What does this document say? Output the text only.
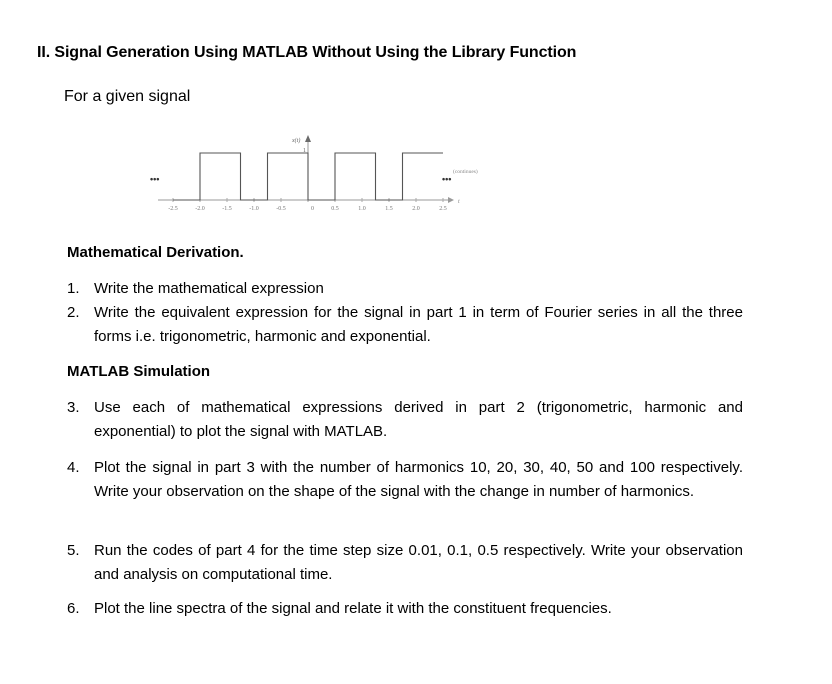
II. Signal Generation Using MATLAB Without Using the Library Function
For a given signal
x(t)
1
t
•••	•••
(continues)
-2.5	-2.0	-1.5	-1.0	-0.5	0	0.5	1.0	1.5	2.0	2.5
Mathematical Derivation.
1. Write the mathematical expression
2. Write the equivalent expression for the signal in part 1 in term of Fourier series in all the three forms i.e. trigonometric, harmonic and exponential.
MATLAB Simulation
3. Use each of mathematical expressions derived in part 2 (trigonometric, harmonic and exponential) to plot the signal with MATLAB.
4. Plot the signal in part 3 with the number of harmonics 10, 20, 30, 40, 50 and 100 respectively. Write your observation on the shape of the signal with the change in number of harmonics.
5. Run the codes of part 4 for the time step size 0.01, 0.1, 0.5 respectively. Write your observation and analysis on computational time.
6. Plot the line spectra of the signal and relate it with the constituent frequencies.
